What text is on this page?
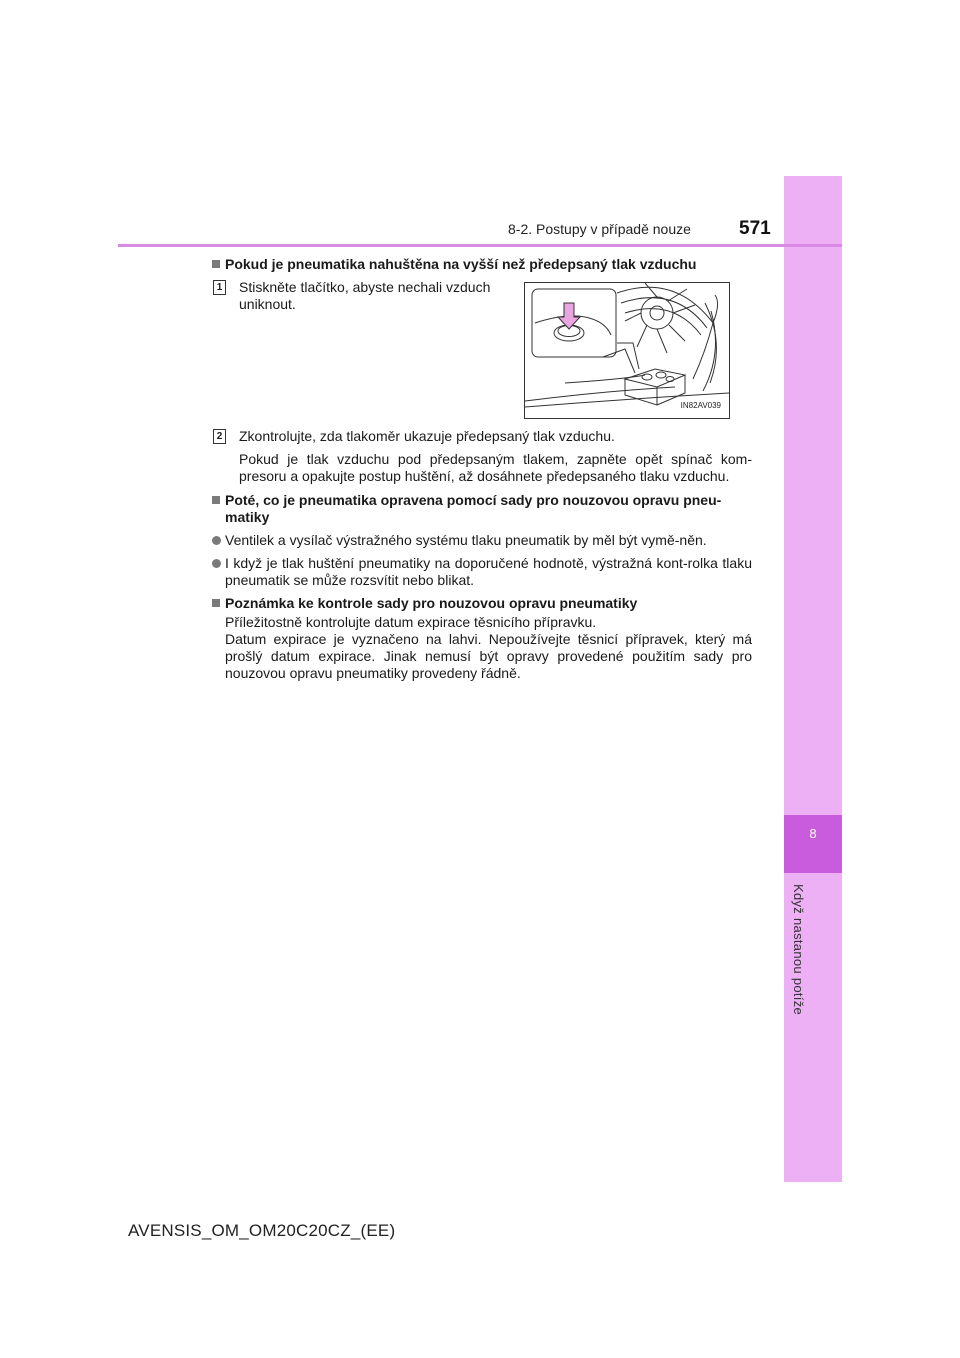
8
Když nastanou potíže
8-2. Postupy v případě nouze	571
Pokud je pneumatika nahuštěna na vyšší než předepsaný tlak vzduchu
1 Stiskněte tlačítko, abyste nechali vzduch uniknout.
IN82AV039
2 Zkontrolujte, zda tlakoměr ukazuje předepsaný tlak vzduchu.
Pokud je tlak vzduchu pod předepsaným tlakem, zapněte opět spínač kom-presoru a opakujte postup huštění, až dosáhnete předepsaného tlaku vzduchu.
Poté, co je pneumatika opravena pomocí sady pro nouzovou opravu pneu-matiky
Ventilek a vysílač výstražného systému tlaku pneumatik by měl být vymě-něn.
I když je tlak huštění pneumatiky na doporučené hodnotě, výstražná kont-rolka tlaku pneumatik se může rozsvítit nebo blikat.
Poznámka ke kontrole sady pro nouzovou opravu pneumatiky
Příležitostně kontrolujte datum expirace těsnicího přípravku.
Datum expirace je vyznačeno na lahvi. Nepoužívejte těsnicí přípravek, který má prošlý datum expirace. Jinak nemusí být opravy provedené použitím sady pro nouzovou opravu pneumatiky provedeny řádně.
AVENSIS_OM_OM20C20CZ_(EE)
